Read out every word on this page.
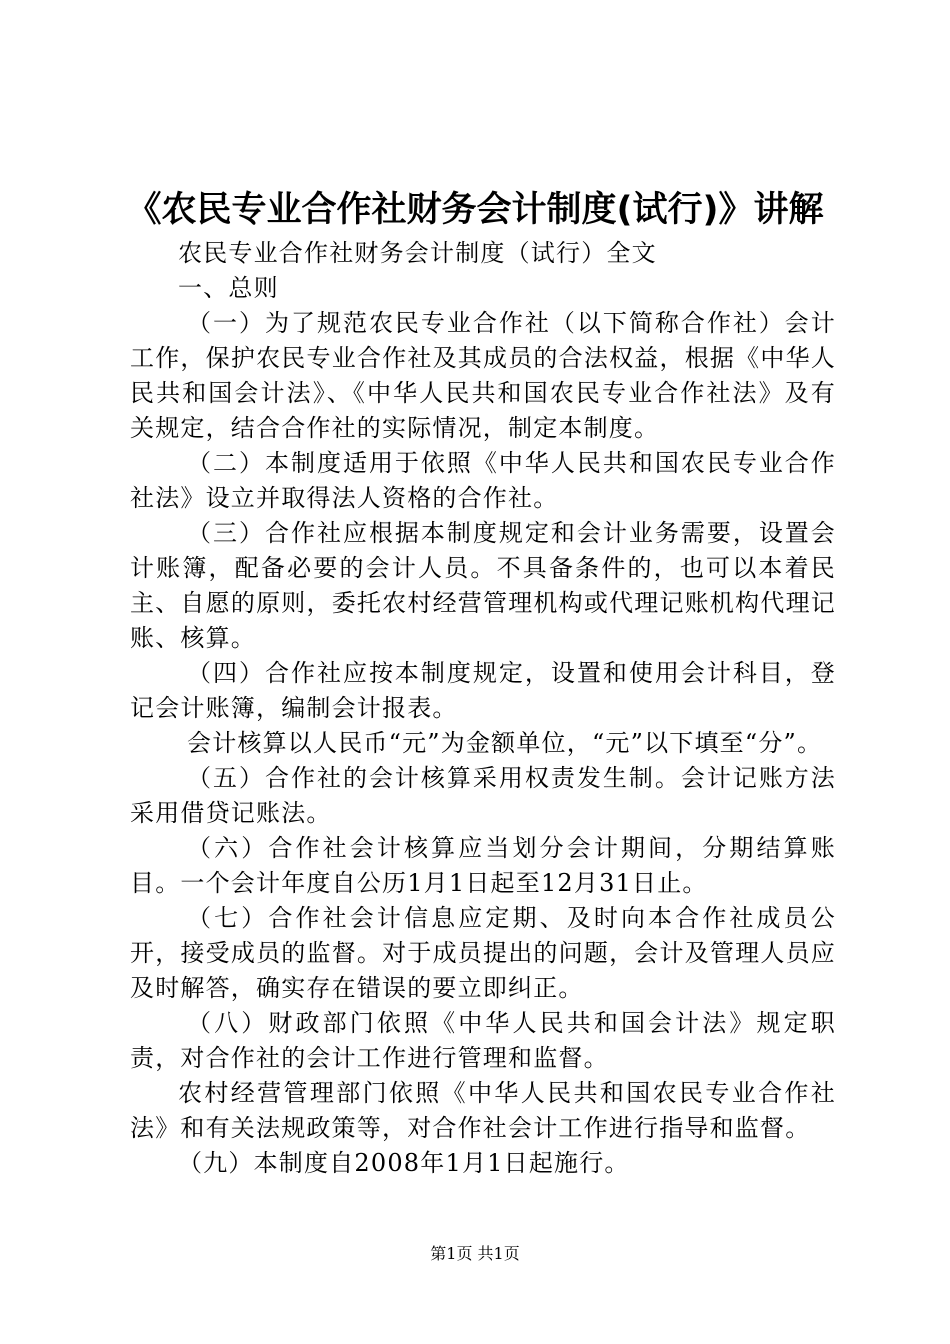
《农民专业合作社财务会计制度(试行)》讲解

农民专业合作社财务会计制度（试行）全文

一、总则

（一）为了规范农民专业合作社（以下简称合作社）会计工作，保护农民专业合作社及其成员的合法权益，根据《中华人民共和国会计法》、《中华人民共和国农民专业合作社法》及有关规定，结合合作社的实际情况，制定本制度。

（二）本制度适用于依照《中华人民共和国农民专业合作社法》设立并取得法人资格的合作社。

（三）合作社应根据本制度规定和会计业务需要，设置会计账簿，配备必要的会计人员。不具备条件的，也可以本着民主、自愿的原则，委托农村经营管理机构或代理记账机构代理记账、核算。

（四）合作社应按本制度规定，设置和使用会计科目，登记会计账簿，编制会计报表。

会计核算以人民币“元”为金额单位，“元”以下填至“分”。

（五）合作社的会计核算采用权责发生制。会计记账方法采用借贷记账法。

（六）合作社会计核算应当划分会计期间，分期结算账目。一个会计年度自公历1月1日起至12月31日止。

（七）合作社会计信息应定期、及时向本合作社成员公开，接受成员的监督。对于成员提出的问题，会计及管理人员应及时解答，确实存在错误的要立即纠正。

（八）财政部门依照《中华人民共和国会计法》规定职责，对合作社的会计工作进行管理和监督。

农村经营管理部门依照《中华人民共和国农民专业合作社法》和有关法规政策等，对合作社会计工作进行指导和监督。

（九）本制度自2008年1月1日起施行。

第1页 共1页
